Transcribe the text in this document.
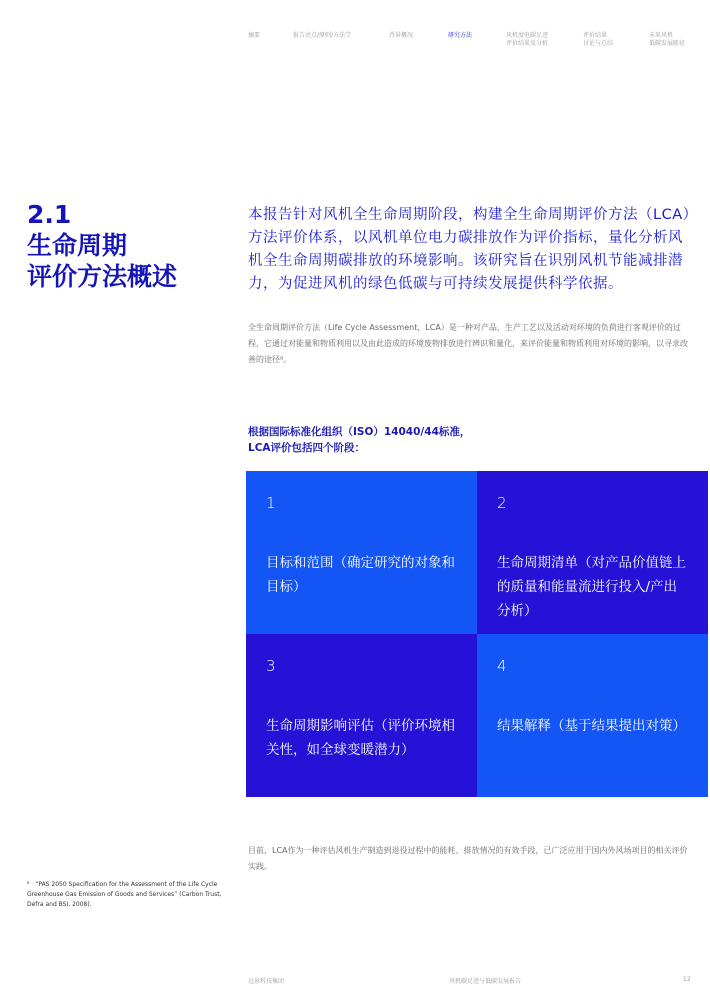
摘要	报告亮点/原则/方法学	背景概况	研究方法	风机度电碳足迹
评价结果及分析
评价结果
讨论与总结
未来风机
低碳发展路径
2.1
生命周期
评价方法概述
本报告针对风机全生命周期阶段，构建全生命周期评价方法（LCA）方法评价体系，以风机单位电力碳排放作为评价指标，量化分析风机全生命周期碳排放的环境影响。该研究旨在识别风机节能减排潜力，为促进风机的绿色低碳与可持续发展提供科学依据。
全生命周期评价方法（Life Cycle Assessment，LCA）是一种对产品、生产工艺以及活动对环境的负荷进行客观评价的过程，它通过对能量和物质利用以及由此造成的环境废物排放进行辨识和量化，来评价能量和物质利用对环境的影响，以寻求改善的途径⁸。
根据国际标准化组织（ISO）14040/44标准，
LCA评价包括四个阶段：
1
目标和范围（确定研究的对象和目标）
2
生命周期清单（对产品价值链上的质量和能量流进行投入/产出分析）
3
生命周期影响评估（评价环境相关性，如全球变暖潜力）
4
结果解释（基于结果提出对策）
目前，LCA作为一种评估风机生产制造到退役过程中的能耗、排放情况的有效手段，已广泛应用于国内外风场项目的相关评价实践。
⁸　“PAS 2050 Specification for the Assessment of the Life Cycle Greenhouse Gas Emission of Goods and Services” (Carbon Trust, Defra and BSI, 2008).
远景科技集团	风机碳足迹与低碳发展报告	12
